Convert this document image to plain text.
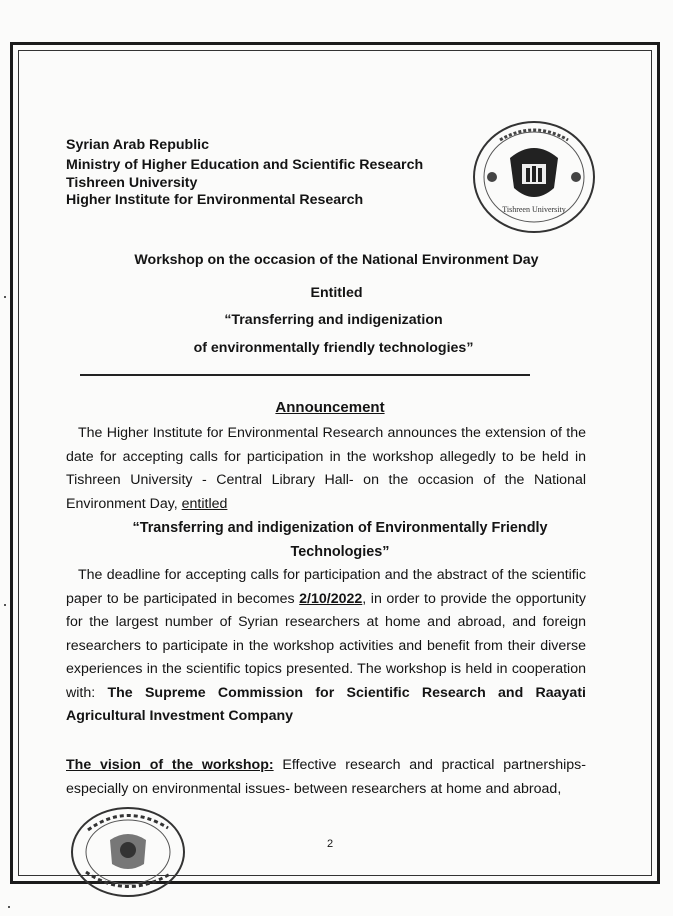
Syrian Arab Republic
Ministry of Higher Education and Scientific Research
Tishreen University
Higher Institute for Environmental Research
Tishreen University
Workshop on the occasion of the National Environment Day
Entitled
“Transferring and indigenization
of environmentally friendly technologies”
Announcement
The Higher Institute for Environmental Research announces the extension of the date for accepting calls for participation in the workshop allegedly to be held in Tishreen University - Central Library Hall- on the occasion of the National Environment Day, entitled
“Transferring and indigenization of Environmentally Friendly
Technologies”
The deadline for accepting calls for participation and the abstract of the scientific paper to be participated in becomes 2/10/2022, in order to provide the opportunity for the largest number of Syrian researchers at home and abroad, and foreign researchers to participate in the workshop activities and benefit from their diverse experiences in the scientific topics presented. The workshop is held in cooperation with: The Supreme Commission for Scientific Research and Raayati Agricultural Investment Company
The vision of the workshop: Effective research and practical partnerships- especially on environmental issues- between researchers at home and abroad,
2
